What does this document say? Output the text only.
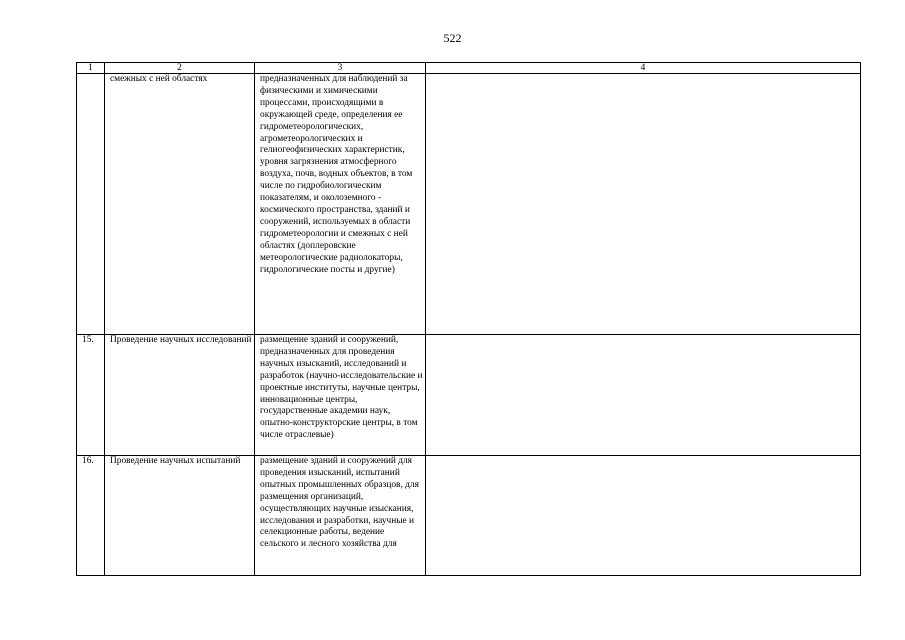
522
1	2	3	4
	смежных с ней областях	предназначенных для наблюдений за физическими и химическими процессами, происходящими в окружающей среде, определения ее гидрометеорологических, агрометеорологических и гелиогеофизических характеристик, уровня загрязнения атмосферного воздуха, почв, водных объектов, в том числе по гидробиологическим показателям, и околоземного - космического пространства, зданий и сооружений, используемых в области гидрометеорологии и смежных с ней областях (доплеровские метеорологические радиолокаторы, гидрологические посты и другие)	
15.	Проведение научных исследований	размещение зданий и сооружений, предназначенных для проведения научных изысканий, исследований и разработок (научно-исследовательские и проектные институты, научные центры, инновационные центры, государственные академии наук, опытно-конструкторские центры, в том числе отраслевые)	
16.	Проведение научных испытаний	размещение зданий и сооружений для проведения изысканий, испытаний опытных промышленных образцов, для размещения организаций, осуществляющих научные изыскания, исследования и разработки, научные и селекционные работы, ведение сельского и лесного хозяйства для	
